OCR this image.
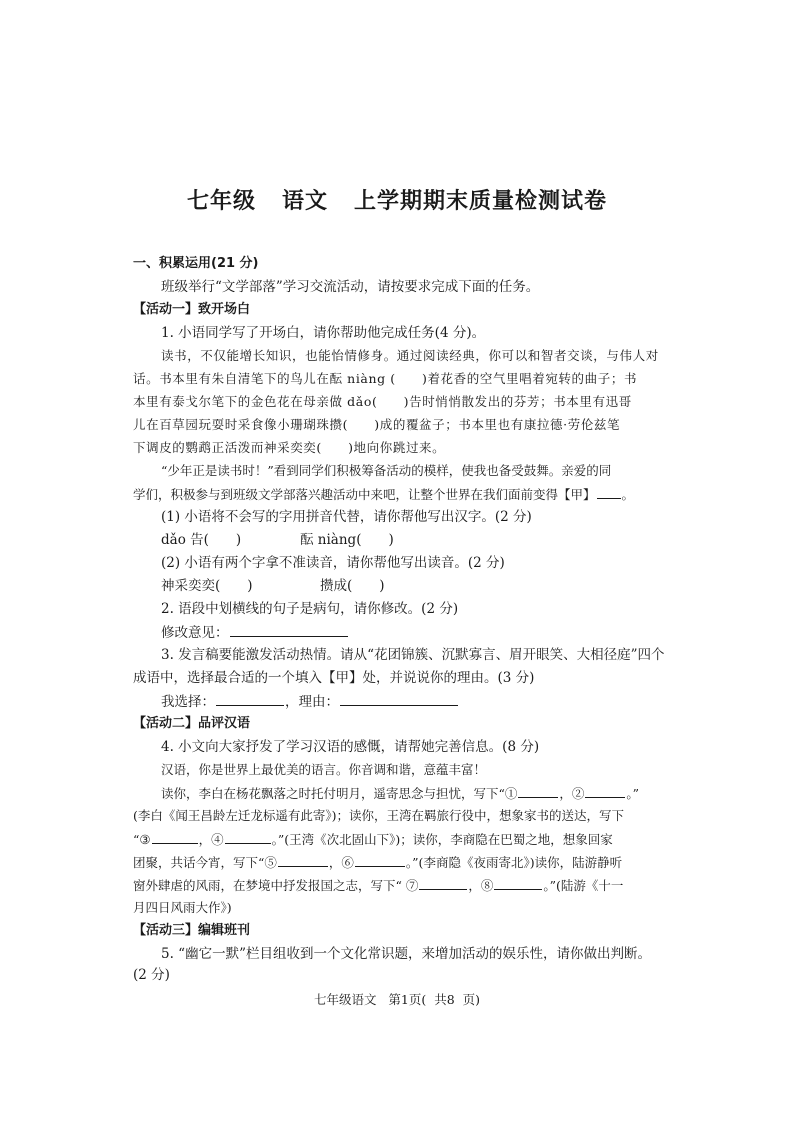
七年级   语文   上学期期末质量检测试卷
一、积累运用(21 分)
班级举行“文学部落”学习交流活动，请按要求完成下面的任务。
【活动一】致开场白
1. 小语同学写了开场白，请你帮助他完成任务(4 分)。
读书，不仅能增长知识，也能怡情修身。通过阅读经典，你可以和智者交谈，与伟人对
话。书本里有朱自清笔下的鸟儿在酝 niàng (　　)着花香的空气里唱着宛转的曲子；书
本里有泰戈尔笔下的金色花在母亲做 dǎo(　　)告时悄悄散发出的芬芳；书本里有迅哥
儿在百草园玩耍时采食像小珊瑚珠攒(　　)成的覆盆子；书本里也有康拉德·劳伦兹笔
下调皮的鹦鹉正活泼而神采奕奕(　　)地向你跳过来。
“少年正是读书时！”看到同学们积极筹备活动的模样，使我也备受鼓舞。亲爱的同
学们，积极参与到班级文学部落兴趣活动中来吧，让整个世界在我们面前变得【甲】 。
(1) 小语将不会写的字用拼音代替，请你帮他写出汉字。(2 分)
dǎo 告(　　)	酝 niàng(　　)
(2) 小语有两个字拿不准读音，请你帮他写出读音。(2 分)
神采奕奕(　　)	攒成(　　)
2. 语段中划横线的句子是病句，请你修改。(2 分)
修改意见：
3. 发言稿要能激发活动热情。请从“花团锦簇、沉默寡言、眉开眼笑、大相径庭”四个
成语中，选择最合适的一个填入【甲】处，并说说你的理由。(3 分)
我选择：	，理由：
【活动二】品评汉语
4. 小文向大家抒发了学习汉语的感慨，请帮她完善信息。(8 分)
汉语，你是世界上最优美的语言。你音调和谐，意蕴丰富！
读你，李白在杨花飘落之时托付明月，遥寄思念与担忧，写下“①	，②	。”
(李白《闻王昌龄左迁龙标遥有此寄》)；读你，王湾在羁旅行役中，想象家书的送达，写下
“③	，④	。”(王湾《次北固山下》)；读你，李商隐在巴蜀之地，想象回家
团聚，共话今宵，写下“⑤	，⑥	。”(李商隐《夜雨寄北》)读你，陆游静听
窗外肆虐的风雨，在梦境中抒发报国之志，写下“ ⑦	，⑧	。”(陆游《十一
月四日风雨大作》)
【活动三】编辑班刊
5. “幽它一默”栏目组收到一个文化常识题，来增加活动的娱乐性，请你做出判断。
七年级语文   第1页(  共8  页)
(2 分)
